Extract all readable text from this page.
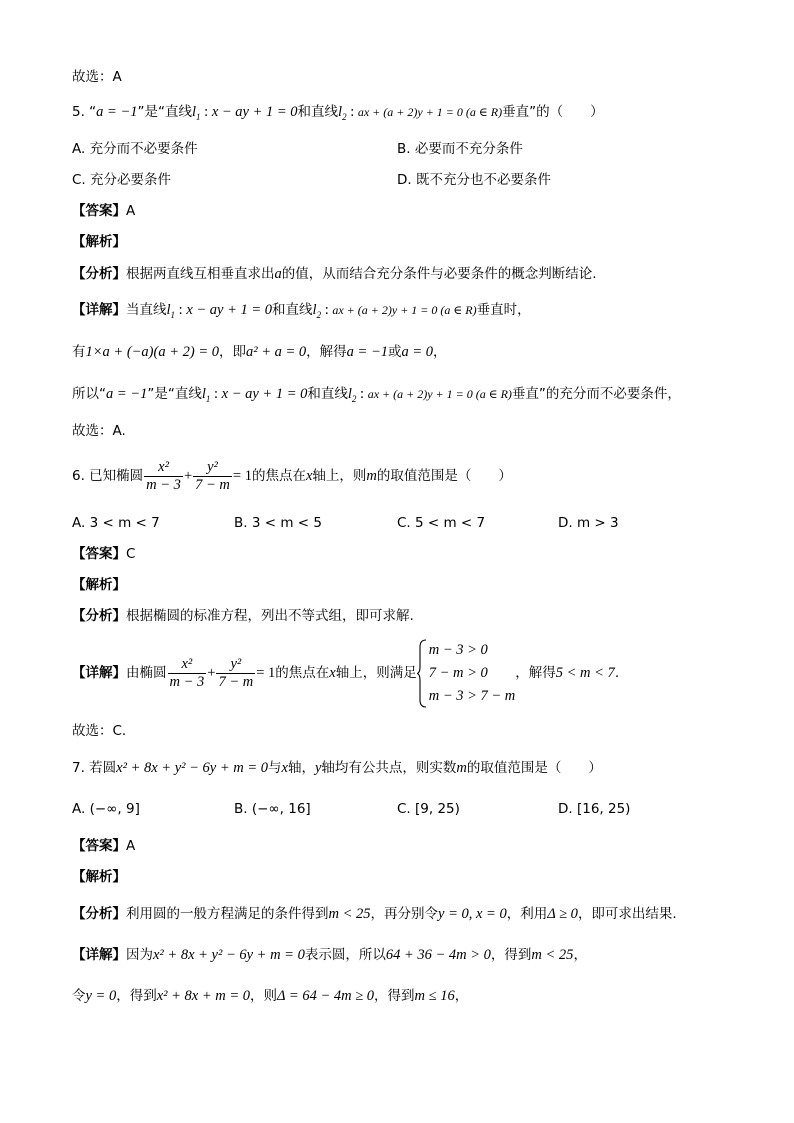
故选：A
5. “a = −1”是“直线$l_1$ : x − ay + 1 = 0和直线$l_2$ : ax + (a + 2)y + 1 = 0 (a ∈ R)垂直”的（　　）
A. 充分而不必要条件	B. 必要而不充分条件
C. 充分必要条件	D. 既不充分也不必要条件
【答案】A
【解析】
【分析】根据两直线互相垂直求出a的值，从而结合充分条件与必要条件的概念判断结论.
【详解】当直线$l_1$ : x − ay + 1 = 0和直线$l_2$ : ax + (a + 2)y + 1 = 0 (a ∈ R)垂直时，
有1×a + (−a)(a + 2) = 0，即a² + a = 0，解得a = −1或a = 0，
所以“a = −1”是“直线$l_1$ : x − ay + 1 = 0和直线$l_2$ : ax + (a + 2)y + 1 = 0 (a ∈ R)垂直”的充分而不必要条件，
故选：A.
6. 已知椭圆 $\frac{\text{x²}}{m - 3} + \frac{\text{y²}}{7 - m} = 1$的焦点在x轴上，则m的取值范围是（　　）
A. 3 < m < 7	B. 3 < m < 5	C. 5 < m < 7	D. m > 3
【答案】C
【解析】
【分析】根据椭圆的标准方程，列出不等式组，即可求解.
【详解】由椭圆 $\frac{\text{x²}}{m - 3} + \frac{\text{y²}}{7 - m} = 1$的焦点在x轴上，则满足
m − 3 > 0
7 − m > 0
m − 3 > 7 − m
，解得5 < m < 7.
故选：C.
7. 若圆x² + 8x + y² − 6y + m = 0与x轴，y轴均有公共点，则实数m的取值范围是（　　）
A. (−∞, 9]	B. (−∞, 16]	C. [9, 25)	D. [16, 25)
【答案】A
【解析】
【分析】利用圆的一般方程满足的条件得到m < 25，再分别令y = 0, x = 0，利用Δ ≥ 0，即可求出结果.
【详解】因为x² + 8x + y² − 6y + m = 0表示圆，所以64 + 36 − 4m > 0，得到m < 25，
令y = 0，得到x² + 8x + m = 0，则Δ = 64 − 4m ≥ 0，得到m ≤ 16，
